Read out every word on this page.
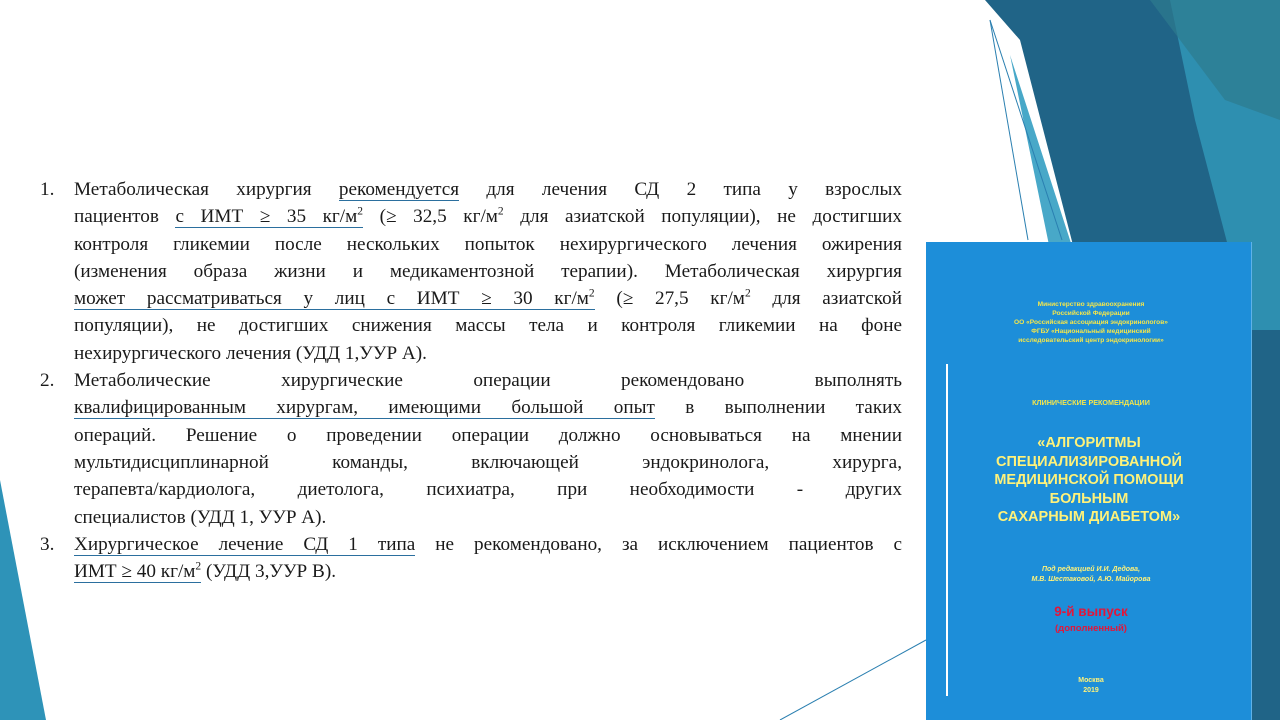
1.	Метаболическая хирургия рекомендуется для лечения СД 2 типа у взрослых

пациентов с ИМТ ≥ 35 $кг/м^2$ (≥ 32,5 $кг/м^2$ для азиатской популяции), не достигших

контроля гликемии после нескольких попыток нехирургического лечения ожирения

(изменения образа жизни и медикаментозной терапии). Метаболическая хирургия

может рассматриваться у лиц с ИМТ ≥ 30 $кг/м^2$ (≥ 27,5 $кг/м^2$ для азиатской

популяции), не достигших снижения массы тела и контроля гликемии на фоне

нехирургического лечения (УДД 1,УУР А).

2.	Метаболические хирургические операции рекомендовано выполнять

квалифицированным хирургам, имеющими большой опыт в выполнении таких

операций. Решение о проведении операции должно основываться на мнении

мультидисциплинарной команды, включающей эндокринолога, хирурга,

терапевта/кардиолога, диетолога, психиатра, при необходимости - других

специалистов (УДД 1, УУР А).

3.	Хирургическое лечение СД 1 типа не рекомендовано, за исключением пациентов с

ИМТ ≥ 40 $кг/м^2$ (УДД 3,УУР В).

Министерство здравоохранения
Российской Федерации
ОО «Российская ассоциация эндокринологов»
ФГБУ «Национальный медицинский
исследовательский центр эндокринологии»
КЛИНИЧЕСКИЕ РЕКОМЕНДАЦИИ
«АЛГОРИТМЫ
СПЕЦИАЛИЗИРОВАННОЙ
МЕДИЦИНСКОЙ ПОМОЩИ
БОЛЬНЫМ
САХАРНЫМ ДИАБЕТОМ»
Под редакцией И.И. Дедова,
М.В. Шестаковой, А.Ю. Майорова
9-й выпуск
(дополненный)
Москва
2019
